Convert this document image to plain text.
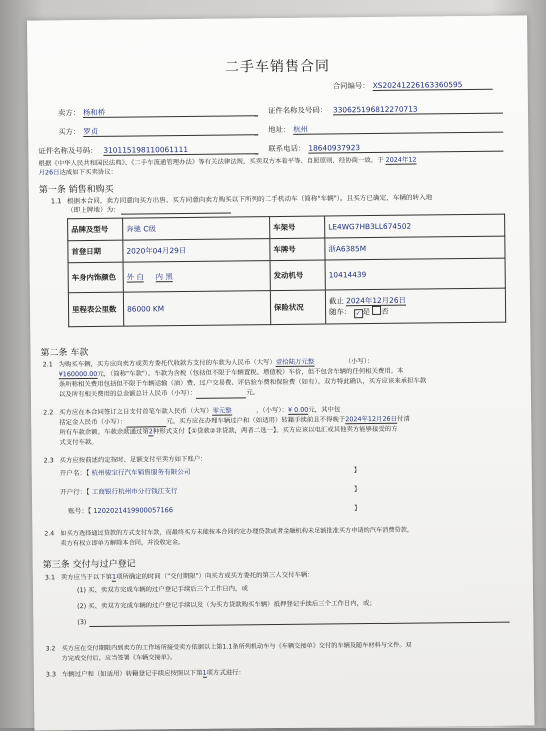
二手车销售合同
合同编号： XS20241226163360595
卖方： 杨和桥	证件名称及号码： 330625196812270713
买方： 罗贞	地址： 杭州
证件名称及号码： 310115198110061111	联系电话： 18640937923
根据《中华人民共和国民法典》、《二手车流通管理办法》等有关法律法规，买卖双方本着平等、自愿原则，经协商一致，于 2024年12
月26日达成如下买卖协议：
第一条 销售和购买
1.1 根据本合同，卖方同意向买方出售、买方同意向卖方购买以下所列的二手机动车（简称"车辆"）。且买方已确定，车辆的转入地
（即上牌地）为：
品牌及型号	奔驰 C级	车架号	LE4WG7HB3LL674502
首登日期	2020年04月29日	车牌号	浙A6385M
车身内饰颜色	外 白 内 黑	发动机号	10414439
里程表公里数	86000 KM	保险状况	截止 2024年12月26日
随车： ✓ 是 否
第二条 车款
2.1 为购买车辆，买方应向卖方或卖方委托代收款方支付的车款为人民币（大写）壹拾陆万元整	（小写）：
¥160000.00元，（简称"车款"）。车款为含税（包括但不限于车辆置税、增值税）车价，但不包含车辆的任何相关费用。本
条所称相关费用包括但不限于车辆运输（油）费、过户交易费、评估验车费和保险费（如有）。双方特此确认，买方应该来承担车款
以及所有相关费用的总金额总计人民币（小写）：	元。
2.2 买方应在本合同签订之日支付首笔车款人民币（大写）零元整	，（小写）：¥ 0.00元，其中包
括定金人民币（小写）：	元。买方应在办理车辆过户和（如适用）转籍手续前且不得晚于2024年12月26日付清
所有车款余额。车款余款通过第2种形式支付【①贷款②非贷款，两者二选一】。买方应该以电汇或其他卖方能够接受的方
式支付车款。
2.3 买方应按前述约定按时、足额支付至卖方如下账户：
开户名：【 杭州骏宝行汽车销售服务有限公司	】
开户行：【 工商银行杭州市分行钱江支行	】
账号：【 1202021419900057166	】
2.4 如买方选择通过贷款的方式支付车款，而最终买方未能按本合同约定办理贷款或者金融机构未足额批准买方申请的汽车消费贷款，
卖方有权立即单方解除本合同，并没收定金。
第三条 交付与过户登记
3.1 卖方应当于以下第1项所确定的时间（"交付期限"）向买方或买方委托的第三人交付车辆：
(1) 买、卖双方完成车辆的过户登记手续后三个工作日内，或
(2) 买、卖双方完成车辆的过户登记手续以及（为买方贷款购买车辆）抵押登记手续后三个工作日内，或；
(3)
3.2 买方应在交付期限内到卖方的工作场所接受卖方依据以上第1.1条所列机动车与《车辆交接单》交付的车辆及随车材料与文件。双
方完成交付后，应当签署《车辆交接单》。
3.3 车辆过户和（如适用）转籍登记手续应按照以下第1项方式进行：
